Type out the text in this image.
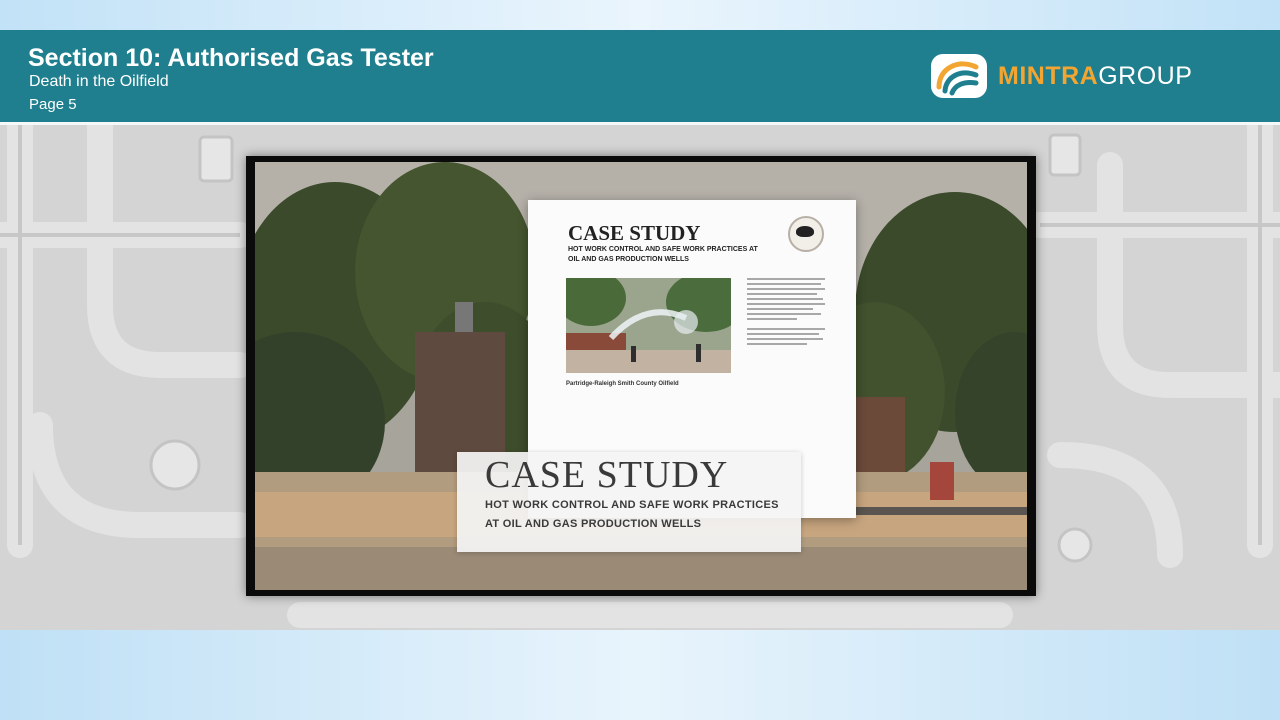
Section 10: Authorised Gas Tester
Death in the Oilfield
Page 5
MINTRAGROUP
CASE STUDY
HOT WORK CONTROL AND SAFE WORK PRACTICES AT OIL AND GAS PRODUCTION WELLS
Partridge-Raleigh Smith County Oilfield
CASE STUDY
HOT WORK CONTROL AND SAFE WORK PRACTICES AT OIL AND GAS PRODUCTION WELLS
